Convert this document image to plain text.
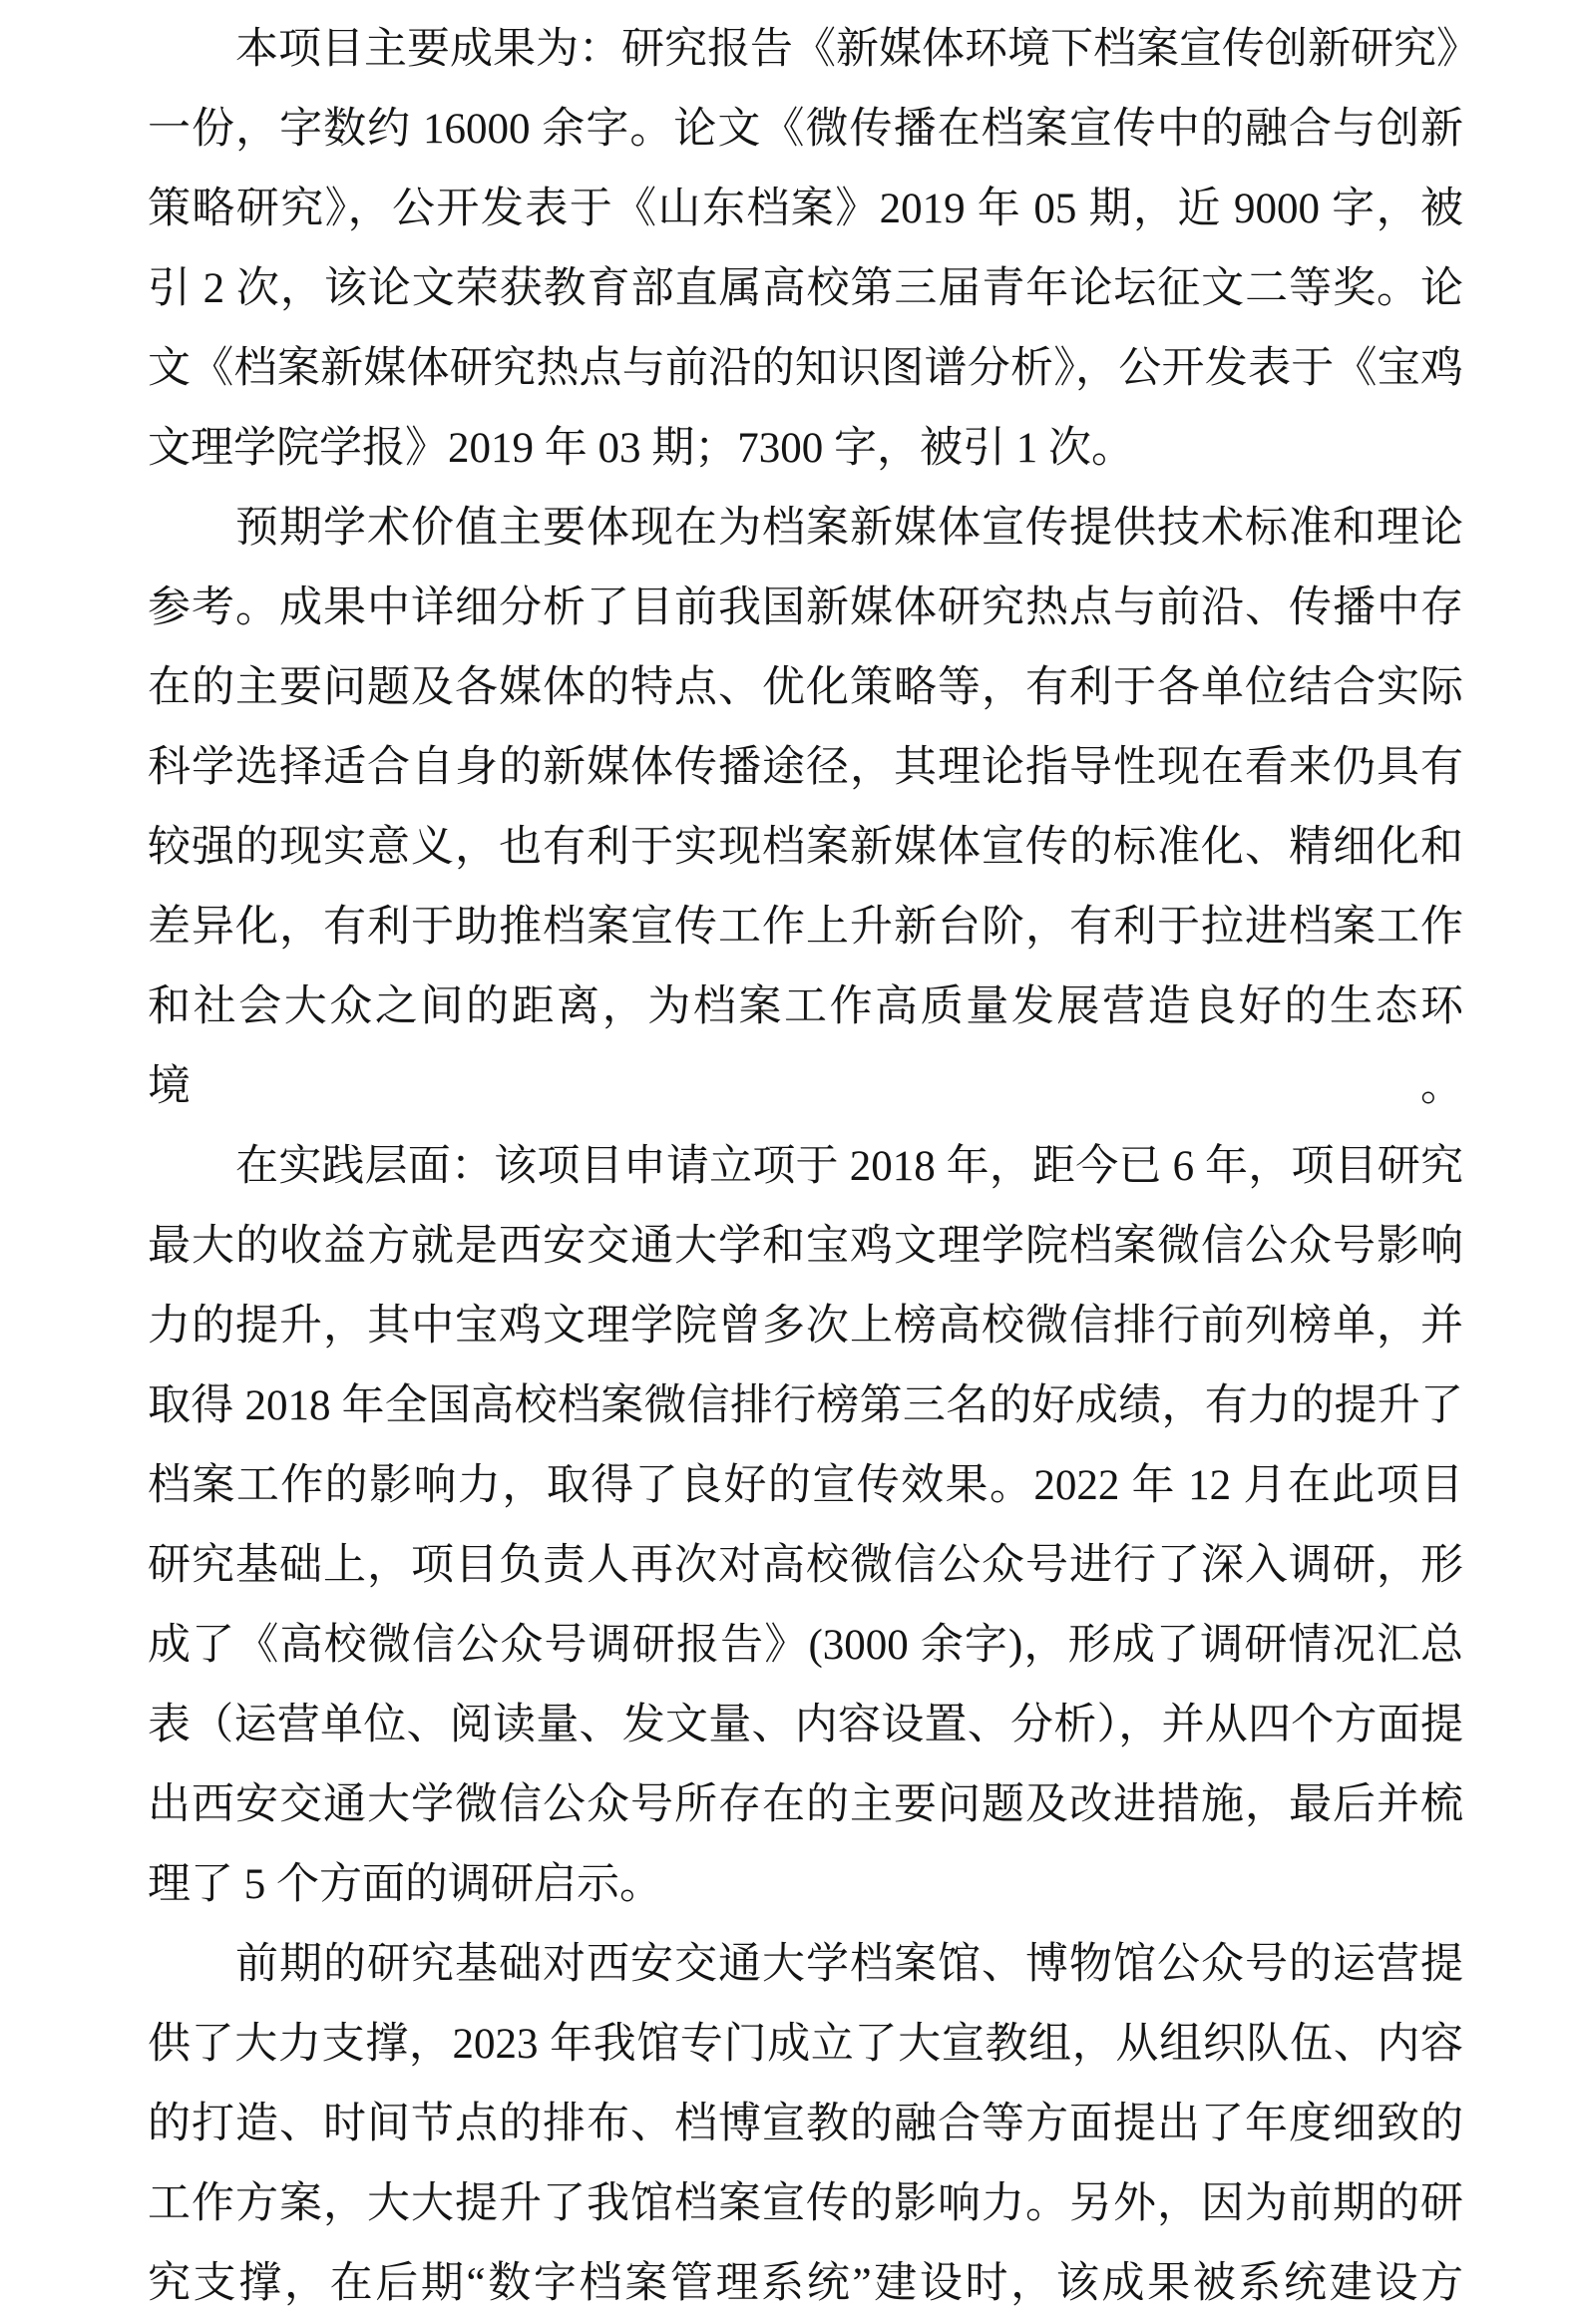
本项目主要成果为：研究报告《新媒体环境下档案宣传创新研究》
一份，字数约 16000 余字。论文《微传播在档案宣传中的融合与创新
策略研究》，公开发表于《山东档案》2019 年 05 期，近 9000 字，被
引 2 次，该论文荣获教育部直属高校第三届青年论坛征文二等奖。论
文《档案新媒体研究热点与前沿的知识图谱分析》，公开发表于《宝鸡
文理学院学报》2019 年 03 期；7300 字，被引 1 次。
预期学术价值主要体现在为档案新媒体宣传提供技术标准和理论
参考。成果中详细分析了目前我国新媒体研究热点与前沿、传播中存
在的主要问题及各媒体的特点、优化策略等，有利于各单位结合实际
科学选择适合自身的新媒体传播途径，其理论指导性现在看来仍具有
较强的现实意义，也有利于实现档案新媒体宣传的标准化、精细化和
差异化，有利于助推档案宣传工作上升新台阶，有利于拉进档案工作
和社会大众之间的距离，为档案工作高质量发展营造良好的生态环境。
在实践层面：该项目申请立项于 2018 年，距今已 6 年，项目研究
最大的收益方就是西安交通大学和宝鸡文理学院档案微信公众号影响
力的提升，其中宝鸡文理学院曾多次上榜高校微信排行前列榜单，并
取得 2018 年全国高校档案微信排行榜第三名的好成绩，有力的提升了
档案工作的影响力，取得了良好的宣传效果。2022 年 12 月在此项目
研究基础上，项目负责人再次对高校微信公众号进行了深入调研，形
成了《高校微信公众号调研报告》(3000 余字)，形成了调研情况汇总
表（运营单位、阅读量、发文量、内容设置、分析），并从四个方面提
出西安交通大学微信公众号所存在的主要问题及改进措施，最后并梳
理了 5 个方面的调研启示。
前期的研究基础对西安交通大学档案馆、博物馆公众号的运营提
供了大力支撑，2023 年我馆专门成立了大宣教组，从组织队伍、内容
的打造、时间节点的排布、档博宣教的融合等方面提出了年度细致的
工作方案，大大提升了我馆档案宣传的影响力。另外，因为前期的研
究支撑，在后期“数字档案管理系统”建设时，该成果被系统建设方
